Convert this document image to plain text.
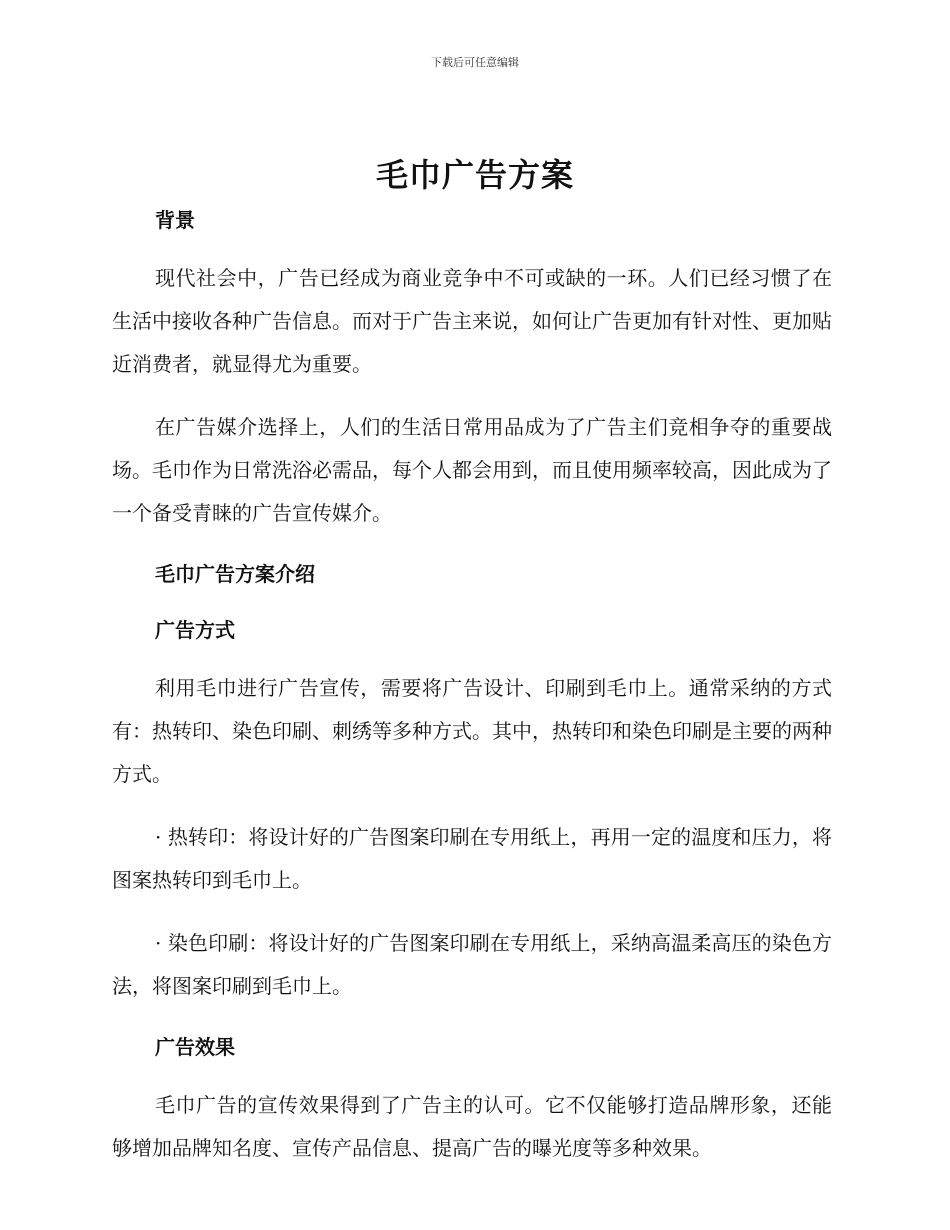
下载后可任意编辑
毛巾广告方案

背景

现代社会中，广告已经成为商业竞争中不可或缺的一环。人们已经习惯了在生活中接收各种广告信息。而对于广告主来说，如何让广告更加有针对性、更加贴近消费者，就显得尤为重要。

在广告媒介选择上，人们的生活日常用品成为了广告主们竞相争夺的重要战场。毛巾作为日常洗浴必需品，每个人都会用到，而且使用频率较高，因此成为了一个备受青睐的广告宣传媒介。

毛巾广告方案介绍

广告方式

利用毛巾进行广告宣传，需要将广告设计、印刷到毛巾上。通常采纳的方式有：热转印、染色印刷、刺绣等多种方式。其中，热转印和染色印刷是主要的两种方式。

· 热转印：将设计好的广告图案印刷在专用纸上，再用一定的温度和压力，将图案热转印到毛巾上。

· 染色印刷：将设计好的广告图案印刷在专用纸上，采纳高温柔高压的染色方法，将图案印刷到毛巾上。

广告效果

毛巾广告的宣传效果得到了广告主的认可。它不仅能够打造品牌形象，还能够增加品牌知名度、宣传产品信息、提高广告的曝光度等多种效果。
